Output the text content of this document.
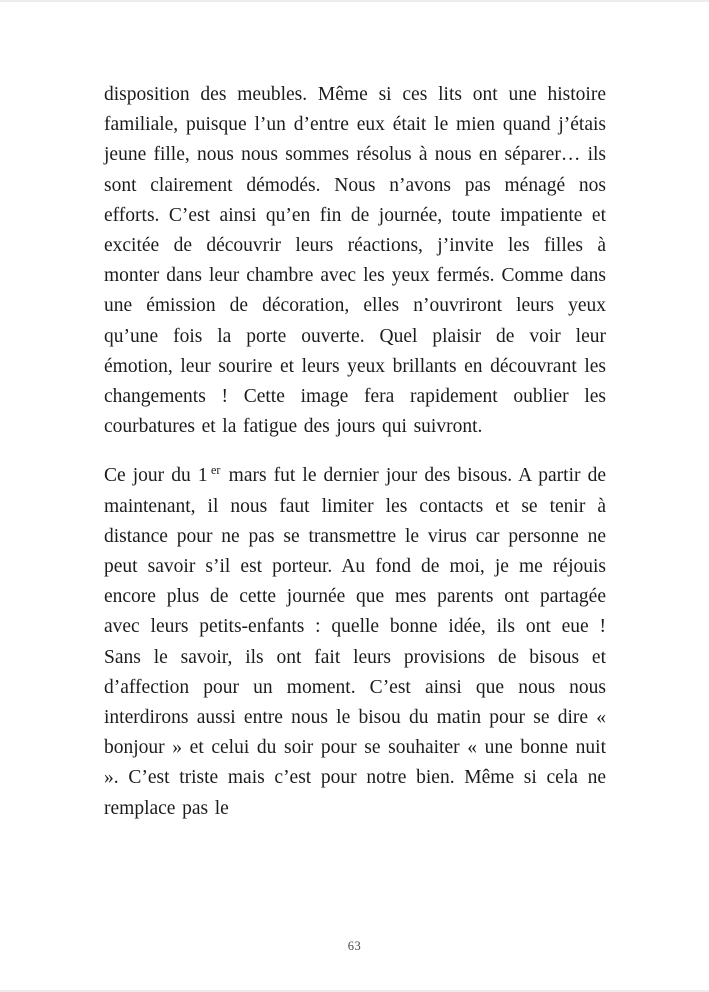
disposition des meubles. Même si ces lits ont une histoire familiale, puisque l’un d’entre eux était le mien quand j’étais jeune fille, nous nous sommes résolus à nous en séparer… ils sont clairement démodés. Nous n’avons pas ménagé nos efforts. C’est ainsi qu’en fin de journée, toute impatiente et excitée de découvrir leurs réactions, j’invite les filles à monter dans leur chambre avec les yeux fermés. Comme dans une émission de décoration, elles n’ouvriront leurs yeux qu’une fois la porte ouverte. Quel plaisir de voir leur émotion, leur sourire et leurs yeux brillants en découvrant les changements ! Cette image fera rapidement oublier les courbatures et la fatigue des jours qui suivront.

Ce jour du 1 $^{er}$ mars fut le dernier jour des bisous. A partir de maintenant, il nous faut limiter les contacts et se tenir à distance pour ne pas se transmettre le virus car personne ne peut savoir s’il est porteur. Au fond de moi, je me réjouis encore plus de cette journée que mes parents ont partagée avec leurs petits-enfants : quelle bonne idée, ils ont eue ! Sans le savoir, ils ont fait leurs provisions de bisous et d’affection pour un moment. C’est ainsi que nous nous interdirons aussi entre nous le bisou du matin pour se dire « bonjour » et celui du soir pour se souhaiter « une bonne nuit ». C’est triste mais c’est pour notre bien. Même si cela ne remplace pas le

63
